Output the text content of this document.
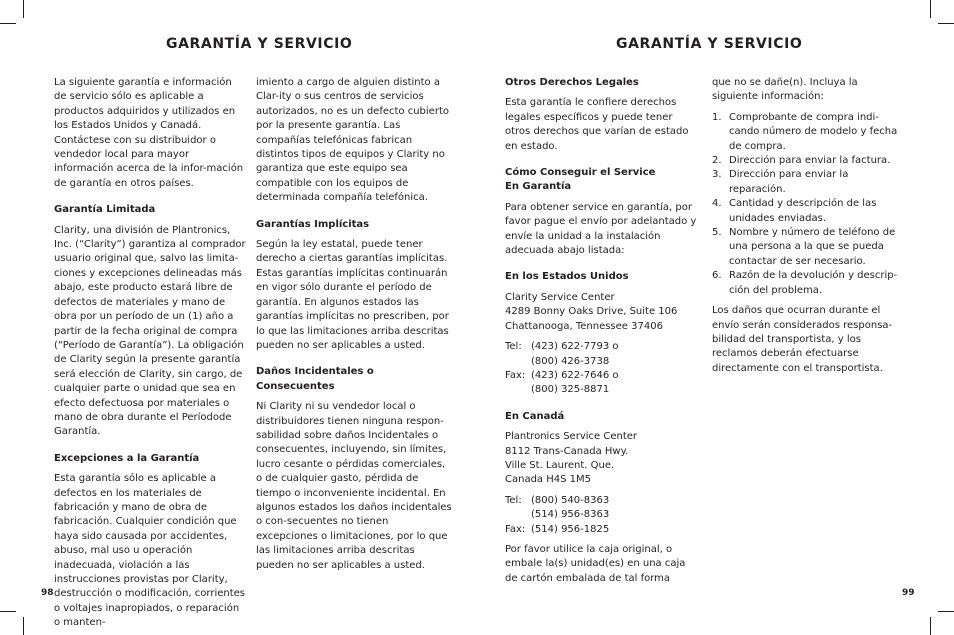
GARANTÍA Y SERVICIO

La siguiente garantía e información de servicio sólo es aplicable a productos adquiridos y utilizados en los Estados Unidos y Canadá. Contáctese con su distribuidor o vendedor local para mayor información acerca de la infor-mación de garantía en otros países.

Garantía Limitada

Clarity, una división de Plantronics, Inc. (“Clarity”) garantiza al comprador usuario original que, salvo las limita-ciones y excepciones delineadas más abajo, este producto estará libre de defectos de materiales y mano de obra por un período de un (1) año a partir de la fecha original de compra (“Período de Garantía”). La obligación de Clarity según la presente garantía será elección de Clarity, sin cargo, de cualquier parte o unidad que sea en efecto defectuosa por materiales o mano de obra durante el Períodode Garantía.

Excepciones a la Garantía

Esta garantía sólo es aplicable a defectos en los materiales de fabricación y mano de obra de fabricación. Cualquier condición que haya sido causada por accidentes, abuso, mal uso u operación inadecuada, violación a las instrucciones provistas por Clarity, destrucción o modificación, corrientes o voltajes inapropiados, o reparación o manten-

imiento a cargo de alguien distinto a Clar-ity o sus centros de servicios autorizados, no es un defecto cubierto por la presente garantía. Las compañías telefónicas fabrican distintos tipos de equipos y Clarity no garantiza que este equipo sea compatible con los equipos de determinada compañía telefónica.

Garantías Implícitas

Según la ley estatal, puede tener derecho a ciertas garantías implícitas. Estas garantías implícitas continuarán en vigor sólo durante el período de garantía. En algunos estados las garantías implícitas no prescriben, por lo que las limitaciones arriba descritas pueden no ser aplicables a usted.

Daños Incidentales o Consecuentes

Ni Clarity ni su vendedor local o distribuidores tienen ninguna respon-sabilidad sobre daños Incidentales o consecuentes, incluyendo, sin límites, lucro cesante o pérdidas comerciales, o de cualquier gasto, pérdida de tiempo o inconveniente incidental. En algunos estados los daños incidentales o con-secuentes no tienen excepciones o limitaciones, por lo que las limitaciones arriba descritas pueden no ser aplicables a usted.

98
GARANTÍA Y SERVICIO
Otros Derechos Legales

Esta garantía le confiere derechos legales específicos y puede tener otros derechos que varían de estado en estado.

Cómo Conseguir el Service
En Garantía

Para obtener service en garantía, por favor pague el envío por adelantado y envíe la unidad a la instalación adecuada abajo listada:

En los Estados Unidos
Clarity Service Center
4289 Bonny Oaks Drive, Suite 106
Chattanooga, Tennessee 37406
Tel: (423) 622-7793 o
(800) 426-3738
Fax: (423) 622-7646 o
(800) 325-8871
En Canadá
Plantronics Service Center
8112 Trans-Canada Hwy.
Ville St. Laurent. Que.
Canada H4S 1M5
Tel: (800) 540-8363
(514) 956-8363
Fax: (514) 956-1825

Por favor utilice la caja original, o embale la(s) unidad(es) en una caja de cartón embalada de tal forma

que no se dañe(n). Incluya la siguiente información:

1. Comprobante de compra indi-cando número de modelo y fecha de compra.
2. Dirección para enviar la factura.
3. Dirección para enviar la reparación.
4. Cantidad y descripción de las unidades enviadas.
5. Nombre y número de teléfono de una persona a la que se pueda contactar de ser necesario.
6. Razón de la devolución y descrip-ción del problema.

Los daños que ocurran durante el envío serán considerados responsa-bilidad del transportista, y los reclamos deberán efectuarse directamente con el transportista.

99
